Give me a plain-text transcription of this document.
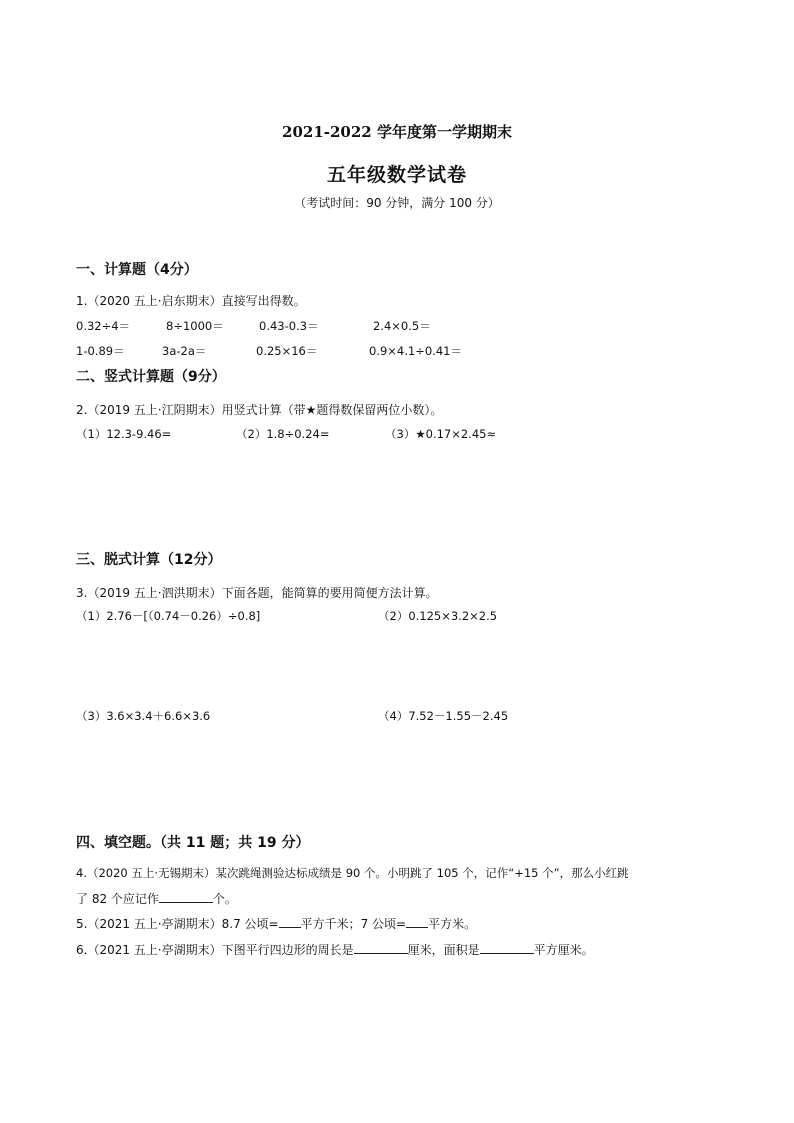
2021-2022 学年度第一学期期末
五年级数学试卷
（考试时间：90 分钟，满分 100 分）
一、计算题（4分）
1.（2020 五上·启东期末）直接写出得数。
0.32÷4＝	8÷1000＝	0.43-0.3＝	2.4×0.5＝
1-0.89＝	3a-2a＝	0.25×16＝	0.9×4.1÷0.41＝
二、竖式计算题（9分）
2.（2019 五上·江阴期末）用竖式计算（带★题得数保留两位小数）。
（1）12.3-9.46=	（2）1.8÷0.24=	（3）★0.17×2.45≈
三、脱式计算（12分）
3.（2019 五上·泗洪期末）下面各题，能简算的要用简便方法计算。
（1）2.76－[（0.74－0.26）÷0.8]	（2）0.125×3.2×2.5
（3）3.6×3.4＋6.6×3.6	（4）7.52－1.55－2.45
四、填空题。（共 11 题；共 19 分）
4.（2020 五上·无锡期末）某次跳绳测验达标成绩是 90 个。小明跳了 105 个，记作“+15 个”，那么小红跳
了 82 个应记作	个。
5.（2021 五上·亭湖期末）8.7 公顷= 平方千米；7 公顷= 平方米。
6.（2021 五上·亭湖期末）下图平行四边形的周长是	厘米，面积是	平方厘米。
